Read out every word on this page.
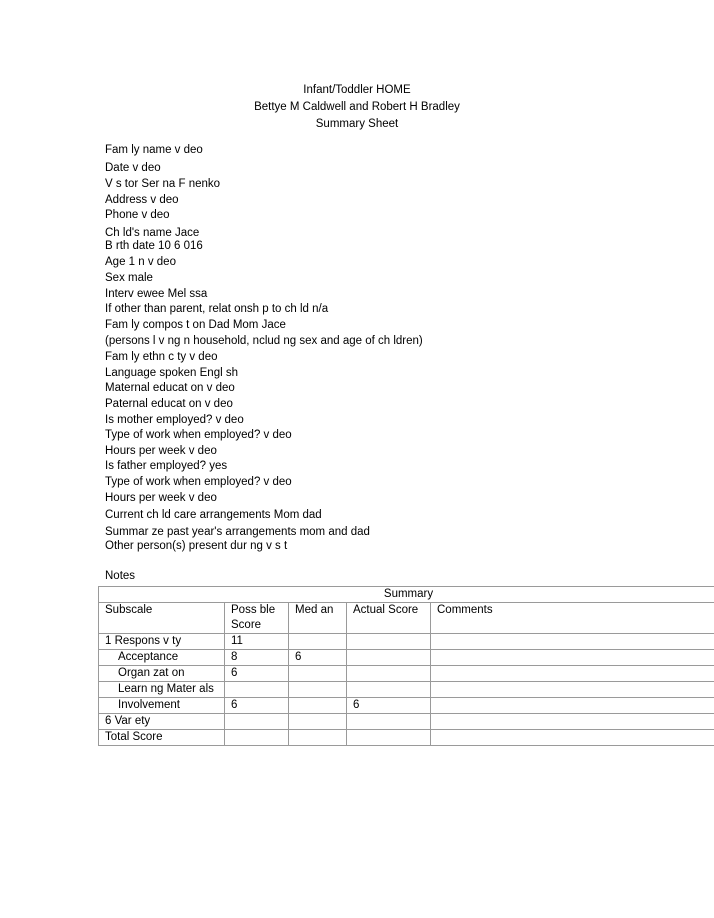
Infant/Toddler HOME
Bettye M Caldwell and Robert H Bradley
Summary Sheet
Fam ly name v deo
Date v deo
V s tor Ser na F nenko
Address v deo
Phone v deo
Ch ld's name Jace
B rth date 10 6 016
Age 1 n v deo
Sex male
Interv ewee Mel ssa
If other than parent, relat onsh p to ch ld n/a
Fam ly compos t on Dad Mom Jace
(persons l v ng n household, nclud ng sex and age of ch ldren)
Fam ly ethn c ty v deo
Language spoken Engl sh
Maternal educat on v deo
Paternal educat on v deo
Is mother employed? v deo
Type of work when employed? v deo
Hours per week v deo
Is father employed? yes
Type of work when employed? v deo
Hours per week v deo
Current ch ld care arrangements Mom dad
Summar ze past year's arrangements mom and dad
Other person(s) present dur ng v s t
Notes
Summary				
Subscale	Poss ble Score	Med an	Actual Score	Comments
1 Respons v ty	11			
Acceptance	8	6		
Organ zat on	6			
Learn ng Mater als				
Involvement	6		6	
6 Var ety				
Total Score				
